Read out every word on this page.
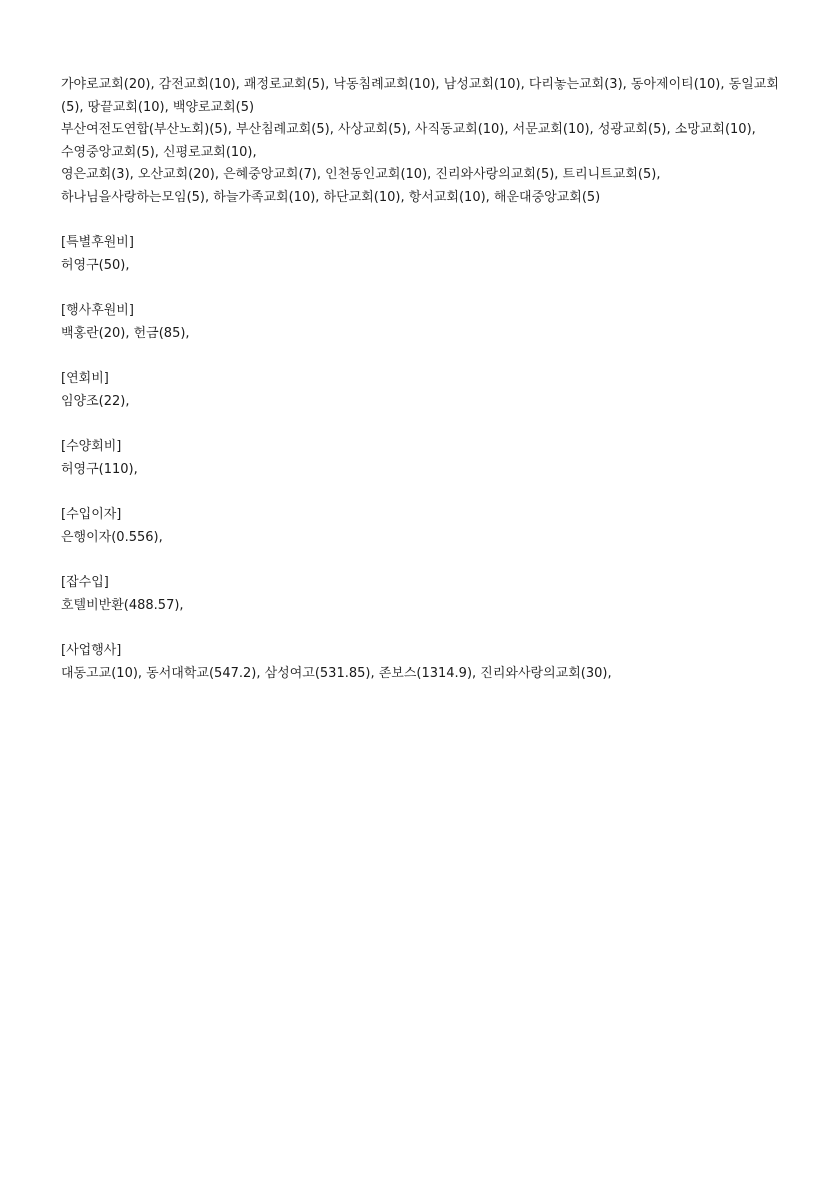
가야로교회(20), 감전교회(10), 괘정로교회(5), 낙동침례교회(10), 남성교회(10), 다리놓는교회(3), 동아제이티(10), 동일교회(5), 땅끝교회(10), 백양로교회(5)

부산여전도연합(부산노회)(5), 부산침례교회(5), 사상교회(5), 사직동교회(10), 서문교회(10), 성광교회(5), 소망교회(10), 수영중앙교회(5), 신평로교회(10),

영은교회(3), 오산교회(20), 은혜중앙교회(7), 인천동인교회(10), 진리와사랑의교회(5), 트리니트교회(5), 하나님을사랑하는모임(5), 하늘가족교회(10), 하단교회(10), 항서교회(10), 해운대중앙교회(5)

[특별후원비]

허영구(50),

[행사후원비]

백홍란(20), 헌금(85),

[연회비]

임양조(22),

[수양회비]

허영구(110),

[수입이자]

은행이자(0.556),

[잡수입]

호텔비반환(488.57),

[사업행사]

대동고교(10), 동서대학교(547.2), 삼성여고(531.85), 존보스(1314.9), 진리와사랑의교회(30),
